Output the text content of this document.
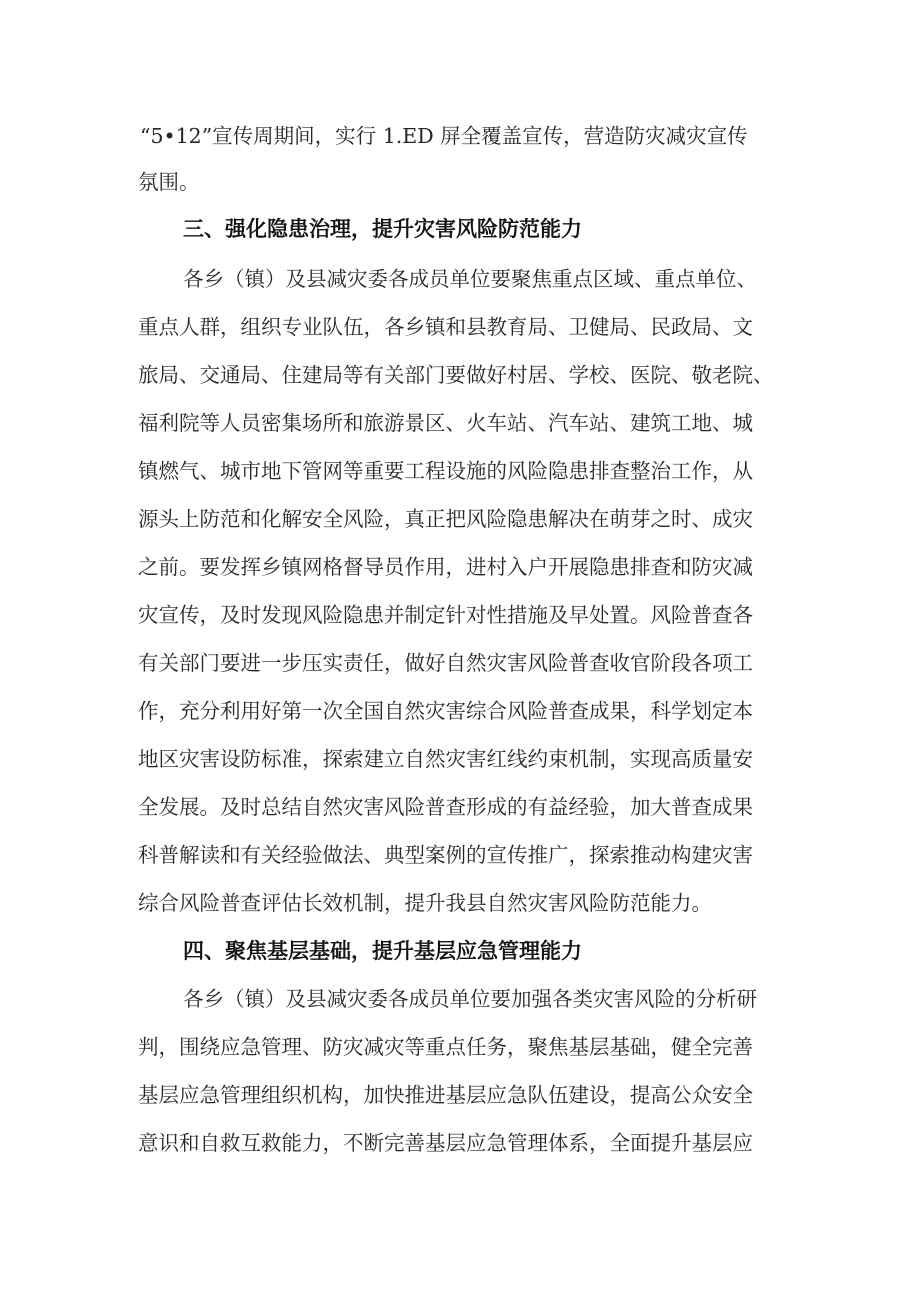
“5•12”宣传周期间，实行 1.ED 屏全覆盖宣传，营造防灾减灾宣传

氛围。

三、强化隐患治理，提升灾害风险防范能力

各乡（镇）及县减灾委各成员单位要聚焦重点区域、重点单位、

重点人群，组织专业队伍，各乡镇和县教育局、卫健局、民政局、文

旅局、交通局、住建局等有关部门要做好村居、学校、医院、敬老院、

福利院等人员密集场所和旅游景区、火车站、汽车站、建筑工地、城

镇燃气、城市地下管网等重要工程设施的风险隐患排查整治工作，从

源头上防范和化解安全风险，真正把风险隐患解决在萌芽之时、成灾

之前。要发挥乡镇网格督导员作用，进村入户开展隐患排查和防灾减

灾宣传，及时发现风险隐患并制定针对性措施及早处置。风险普查各

有关部门要进一步压实责任，做好自然灾害风险普查收官阶段各项工

作，充分利用好第一次全国自然灾害综合风险普查成果，科学划定本

地区灾害设防标准，探索建立自然灾害红线约束机制，实现高质量安

全发展。及时总结自然灾害风险普查形成的有益经验，加大普查成果

科普解读和有关经验做法、典型案例的宣传推广，探索推动构建灾害

综合风险普查评估长效机制，提升我县自然灾害风险防范能力。

四、聚焦基层基础，提升基层应急管理能力

各乡（镇）及县减灾委各成员单位要加强各类灾害风险的分析研

判，围绕应急管理、防灾减灾等重点任务，聚焦基层基础，健全完善

基层应急管理组织机构，加快推进基层应急队伍建设，提高公众安全

意识和自救互救能力，不断完善基层应急管理体系，全面提升基层应
